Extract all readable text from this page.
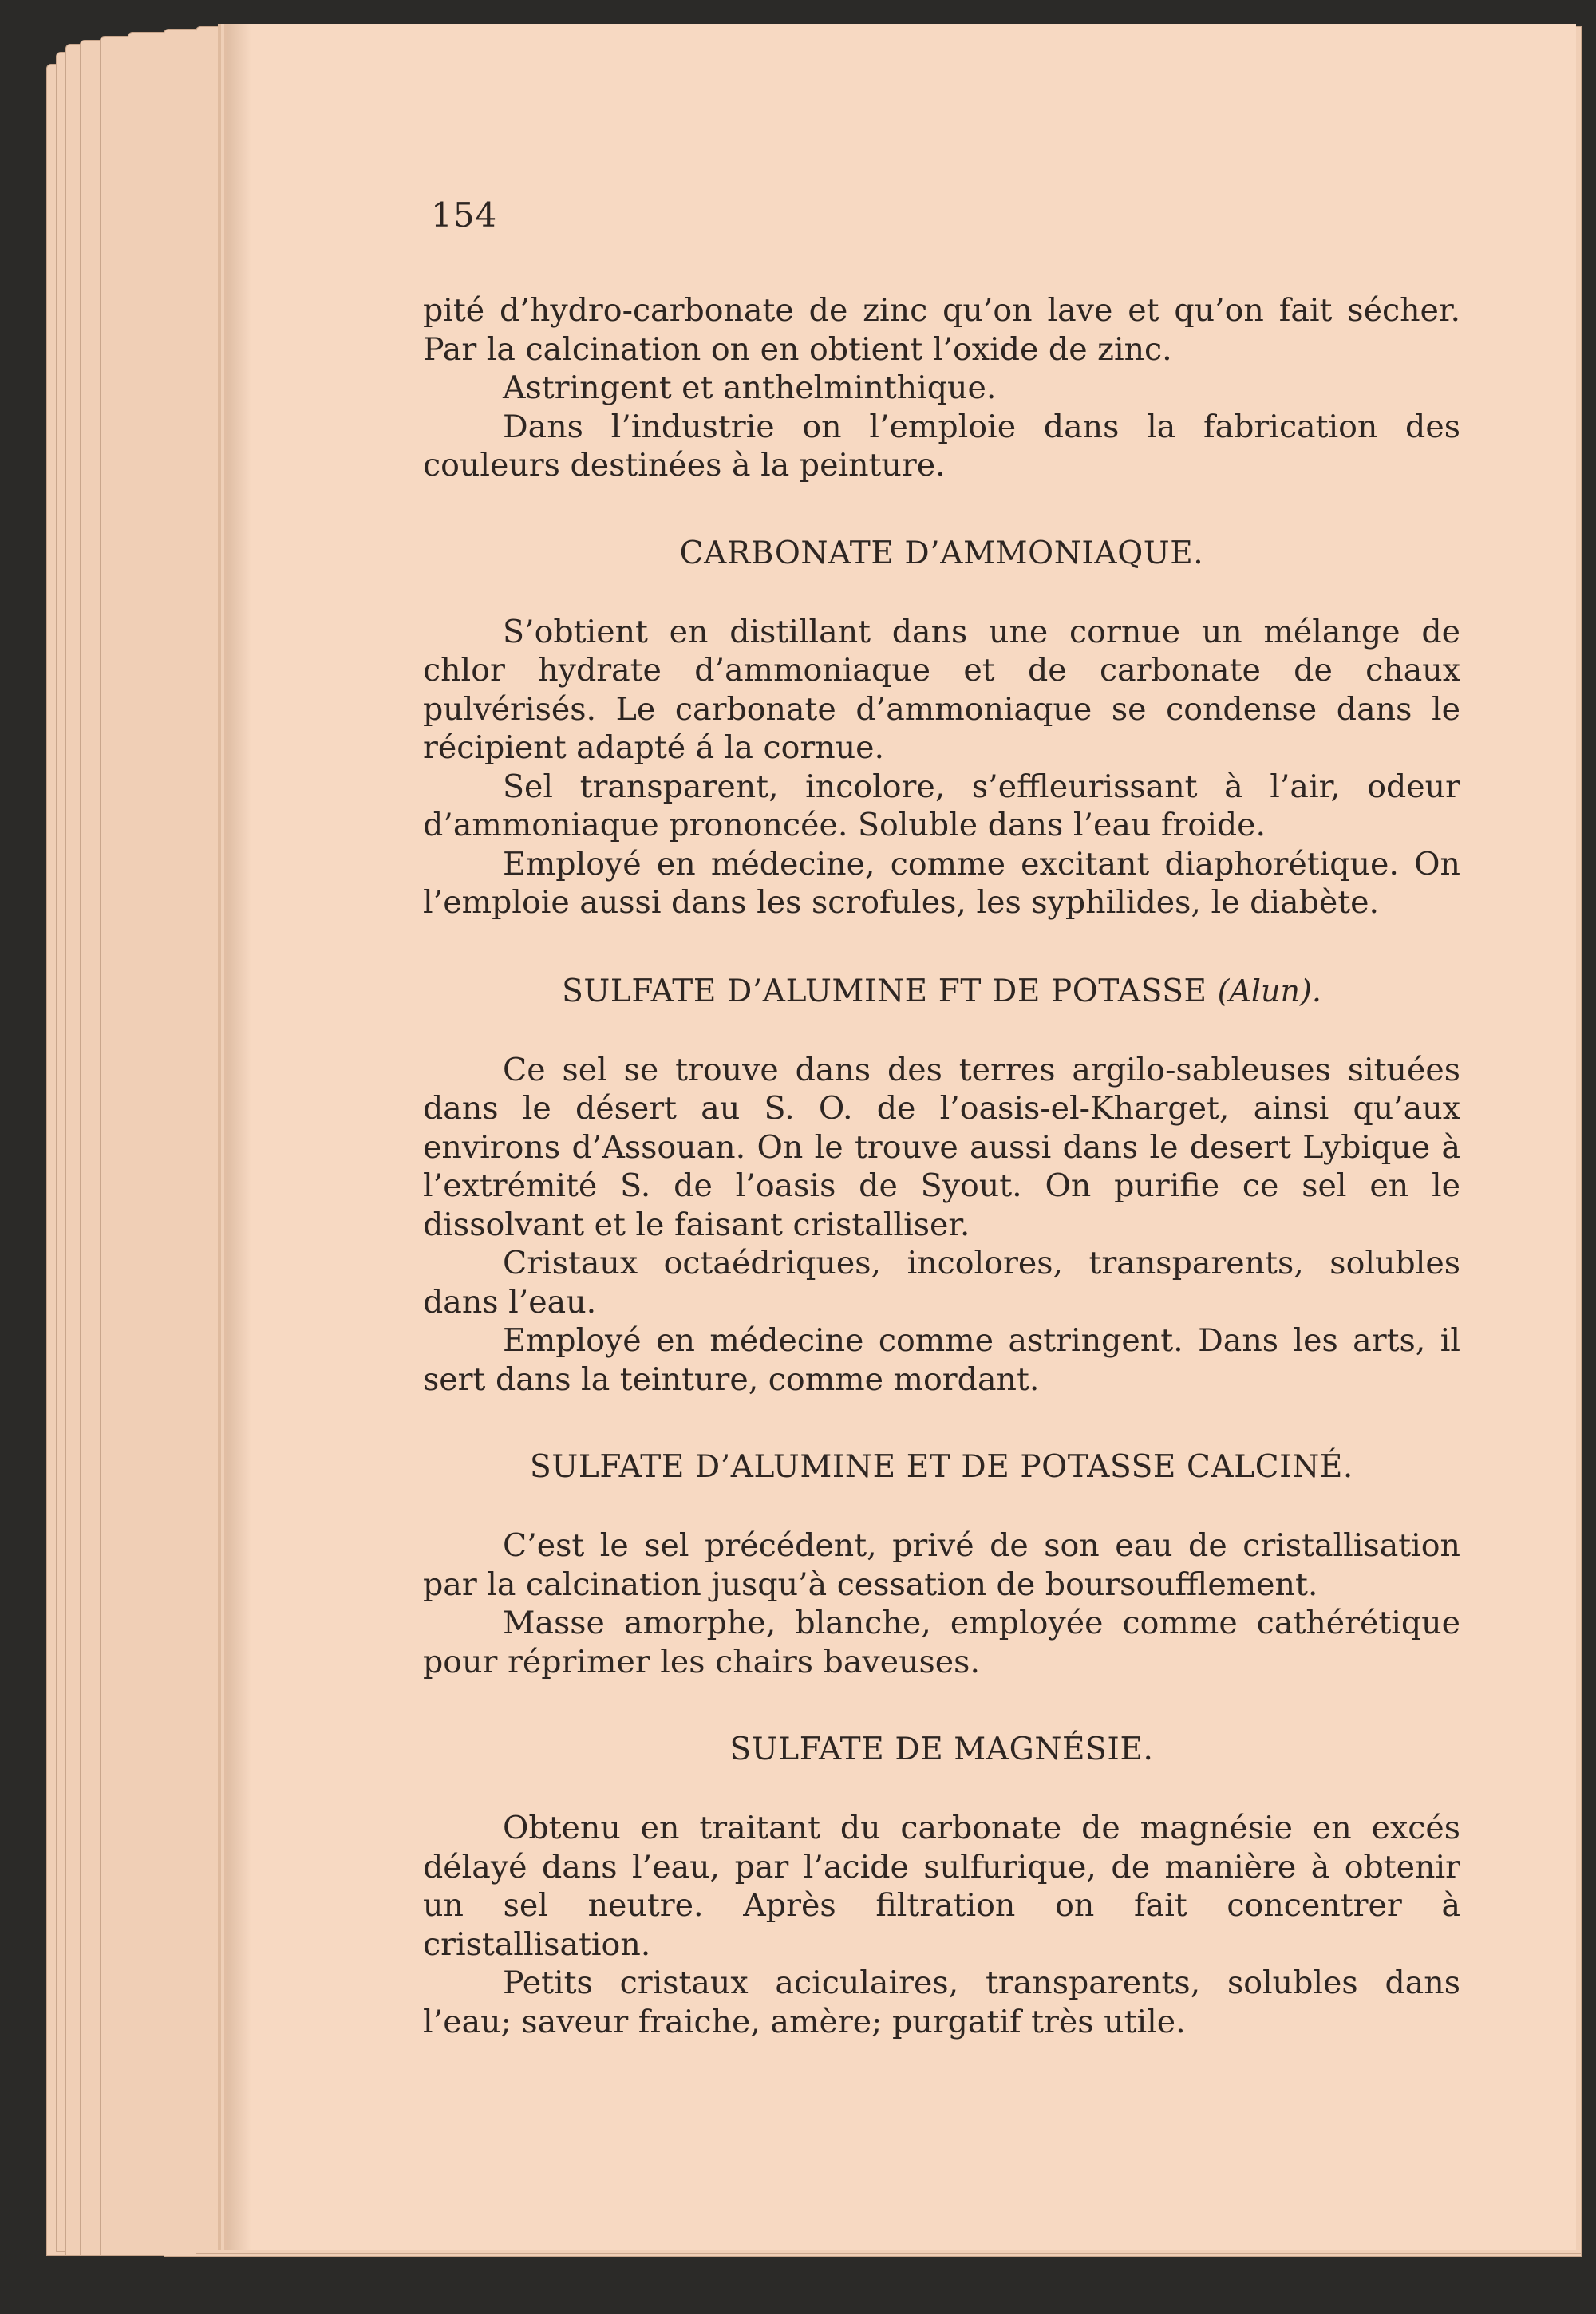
154

pité d’hydro-carbonate de zinc qu’on lave et qu’on fait sécher. Par la calcination on en obtient l’oxide de zinc.

Astringent et anthelminthique.

Dans l’industrie on l’emploie dans la fabrication des couleurs destinées à la peinture.

CARBONATE D’AMMONIAQUE.

S’obtient en distillant dans une cornue un mélange de chlor hydrate d’ammoniaque et de carbonate de chaux pulvérisés. Le carbonate d’ammoniaque se condense dans le récipient adapté á la cornue.

Sel transparent, incolore, s’effleurissant à l’air, odeur d’ammoniaque prononcée. Soluble dans l’eau froide.

Employé en médecine, comme excitant diaphorétique. On l’emploie aussi dans les scrofules, les syphilides, le diabète.

SULFATE D’ALUMINE FT DE POTASSE (Alun).

Ce sel se trouve dans des terres argilo-sableuses situées dans le désert au S. O. de l’oasis-el-Kharget, ainsi qu’aux environs d’Assouan. On le trouve aussi dans le desert Lybique à l’extrémité S. de l’oasis de Syout. On purifie ce sel en le dissolvant et le faisant cristalliser.

Cristaux octaédriques, incolores, transparents, solubles dans l’eau.

Employé en médecine comme astringent. Dans les arts, il sert dans la teinture, comme mordant.

SULFATE D’ALUMINE ET DE POTASSE CALCINÉ.

C’est le sel précédent, privé de son eau de cristallisation par la calcination jusqu’à cessation de boursoufflement.

Masse amorphe, blanche, employée comme cathérétique pour réprimer les chairs baveuses.

SULFATE DE MAGNÉSIE.

Obtenu en traitant du carbonate de magnésie en excés délayé dans l’eau, par l’acide sulfurique, de manière à obtenir un sel neutre. Après filtration on fait concentrer à cristallisation.

Petits cristaux aciculaires, transparents, solubles dans l’eau; saveur fraiche, amère; purgatif très utile.
